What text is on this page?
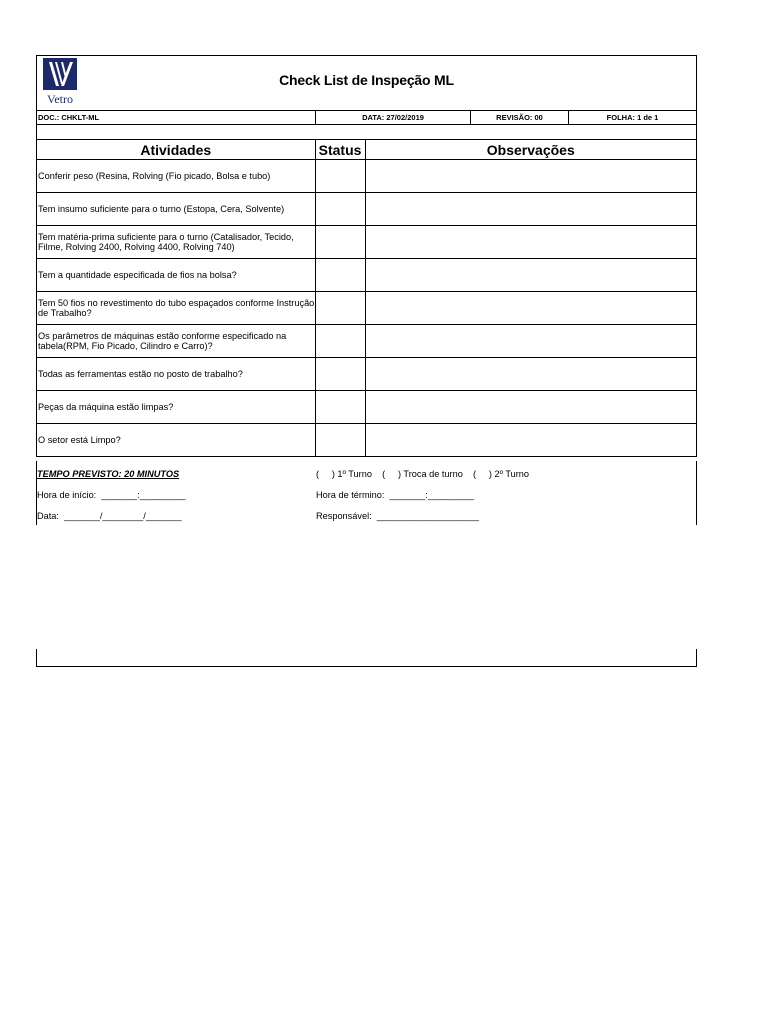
Vetro
Check List de Inspeção ML
DOC.: CHKLT-ML	DATA: 27/02/2019	REVISÃO: 00	FOLHA: 1 de 1
Atividades	Status	Observações
Conferir peso (Resina, Rolving (Fio picado, Bolsa e tubo)		
Tem insumo suficiente para o turno (Estopa, Cera, Solvente)		
Tem matéria-prima suficiente para o turno (Catalisador, Tecido, Filme, Rolving 2400, Rolving 4400, Rolving 740)		
Tem a quantidade especificada de fios na bolsa?		
Tem 50 fios no revestimento do tubo espaçados conforme Instrução de Trabalho?		
Os parâmetros de máquinas estão conforme especificado na tabela(RPM, Fio Picado, Cilindro e Carro)?		
Todas as ferramentas estão no posto de trabalho?		
Peças da máquina estão limpas?		
O setor está Limpo?		
TEMPO PREVISTO: 20 MINUTOS	(     ) 1º Turno    (     ) Troca de turno    (     ) 2º Turno
Hora de início:  _______:_________	Hora de término:  _______:_________
Data:  _______/________/_______	Responsável:  ____________________
